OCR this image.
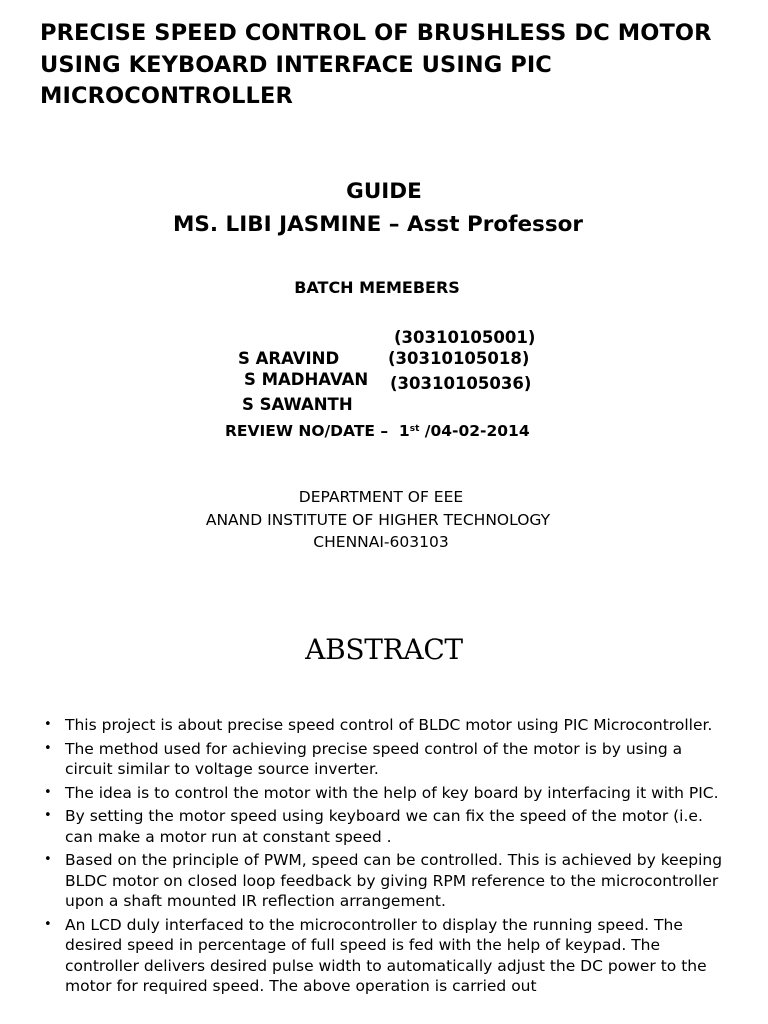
PRECISE SPEED CONTROL OF BRUSHLESS DC MOTOR USING KEYBOARD INTERFACE USING PIC MICROCONTROLLER
GUIDE
MS. LIBI JASMINE – Asst Professor
BATCH MEMEBERS

S ARAVIND

(30310105001)

S MADHAVAN

(30310105018)

S SAWANTH

(30310105036)

REVIEW NO/DATE –  1st /04-02-2014
DEPARTMENT OF EEE
ANAND INSTITUTE OF HIGHER TECHNOLOGY
CHENNAI-603103
ABSTRACT
• This project is about precise speed control of BLDC motor using PIC Microcontroller.
• The method used for achieving precise speed control of the motor is by using a circuit similar to voltage source inverter.
• The idea is to control the motor with the help of key board by interfacing it with PIC.
• By setting the motor speed using keyboard we can fix the speed of the motor (i.e. can make a motor run at constant speed .
• Based on the principle of PWM, speed can be controlled. This is achieved by keeping BLDC motor on closed loop feedback by giving RPM reference to the microcontroller upon a shaft mounted IR reflection arrangement.
• An LCD duly interfaced to the microcontroller to display the running speed. The desired speed in percentage of full speed is fed with the help of keypad. The controller delivers desired pulse width to automatically adjust the DC power to the motor for required speed. The above operation is carried out
